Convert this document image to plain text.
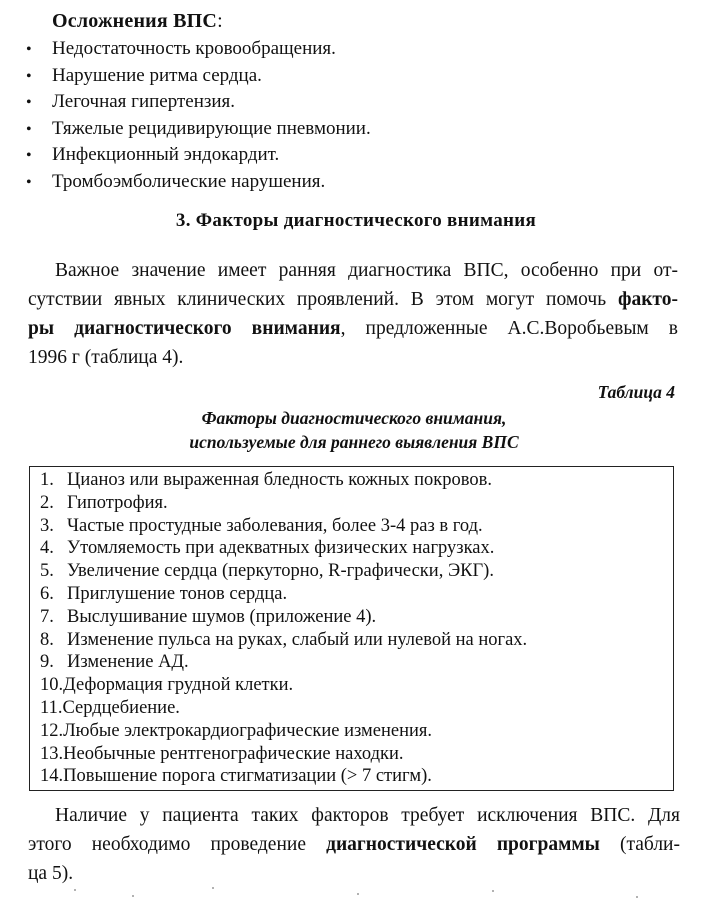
Осложнения ВПС:
• Недостаточность кровообращения.
• Нарушение ритма сердца.
• Легочная гипертензия.
• Тяжелые рецидивирующие пневмонии.
• Инфекционный эндокардит.
• Тромбоэмболические нарушения.
3. Факторы диагностического внимания
Важное значение имеет ранняя диагностика ВПС, особенно при от-
сутствии явных клинических проявлений. В этом могут помочь факто-
ры диагностического внимания, предложенные А.С.Воробьевым в
1996 г (таблица 4).
Таблица 4
Факторы диагностического внимания,
используемые для раннего выявления ВПС
1. Цианоз или выраженная бледность кожных покровов.
2. Гипотрофия.
3. Частые простудные заболевания, более 3-4 раз в год.
4. Утомляемость при адекватных физических нагрузках.
5. Увеличение сердца (перкуторно, R-графически, ЭКГ).
6. Приглушение тонов сердца.
7. Выслушивание шумов (приложение 4).
8. Изменение пульса на руках, слабый или нулевой на ногах.
9. Изменение АД.
10.Деформация грудной клетки.
11.Сердцебиение.
12.Любые электрокардиографические изменения.
13.Необычные рентгенографические находки.
14.Повышение порога стигматизации (> 7 стигм).
Наличие у пациента таких факторов требует исключения ВПС. Для
этого необходимо проведение диагностической программы (табли-
ца 5).
